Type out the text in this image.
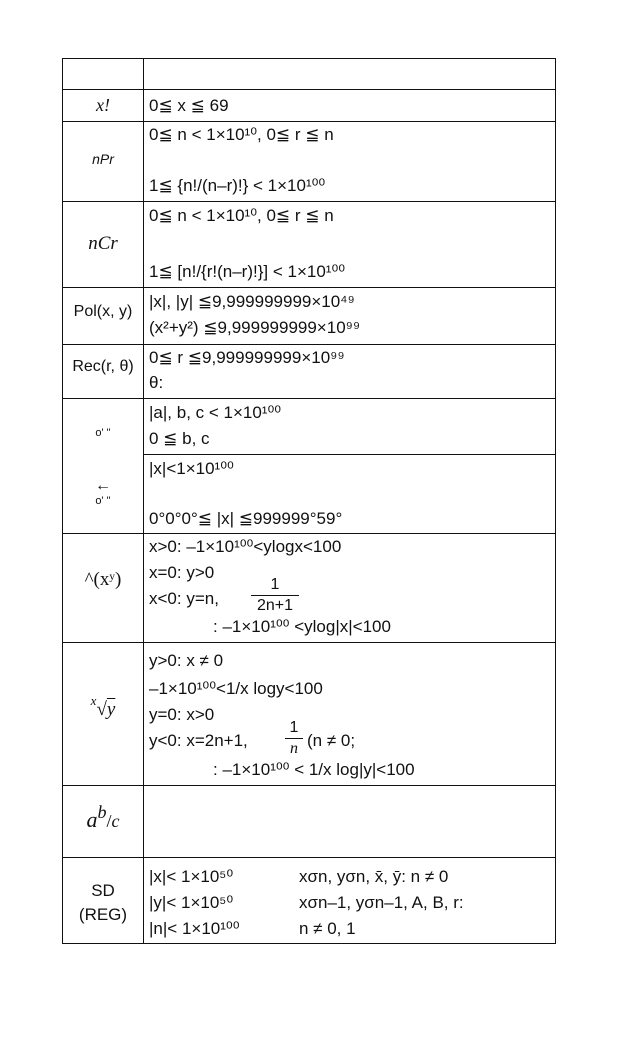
x!	0≦ x ≦ 69
nPr
0≦ n < 1×10¹⁰, 0≦ r ≦ n
1≦ {n!/(n–r)!} < 1×10¹⁰⁰
nCr
0≦ n < 1×10¹⁰, 0≦ r ≦ n
1≦ [n!/{r!(n–r)!}] < 1×10¹⁰⁰
Pol(x, y)
|x|, |y| ≦9,999999999×10⁴⁹
(x²+y²) ≦9,999999999×10⁹⁹
Rec(r, θ) 0≦ r ≦9,999999999×10⁹⁹
θ:
o' "
|a|, b, c < 1×10¹⁰⁰
0 ≦ b, c
←
o' "
|x|<1×10¹⁰⁰
0°0°0°≦ |x| ≦999999°59°
^(xʸ)
x>0: –1×10¹⁰⁰<ylogx<100
x=0: y>0
x<0: y=n,
1
2n+1
: –1×10¹⁰⁰ <ylog|x|<100
$^x$√y
y>0: x ≠ 0
–1×10¹⁰⁰<1/x logy<100
y=0: x>0
y<0: x=2n+1,
1
n (n ≠ 0;
: –1×10¹⁰⁰ < 1/x log|y|<100
$a^b/c$
SD
(REG)
|x|< 1×10⁵⁰
|y|< 1×10⁵⁰
|n|< 1×10¹⁰⁰
xσn, yσn, x̄, ȳ: n ≠ 0
xσn–1, yσn–1, A, B, r:
n ≠ 0, 1
